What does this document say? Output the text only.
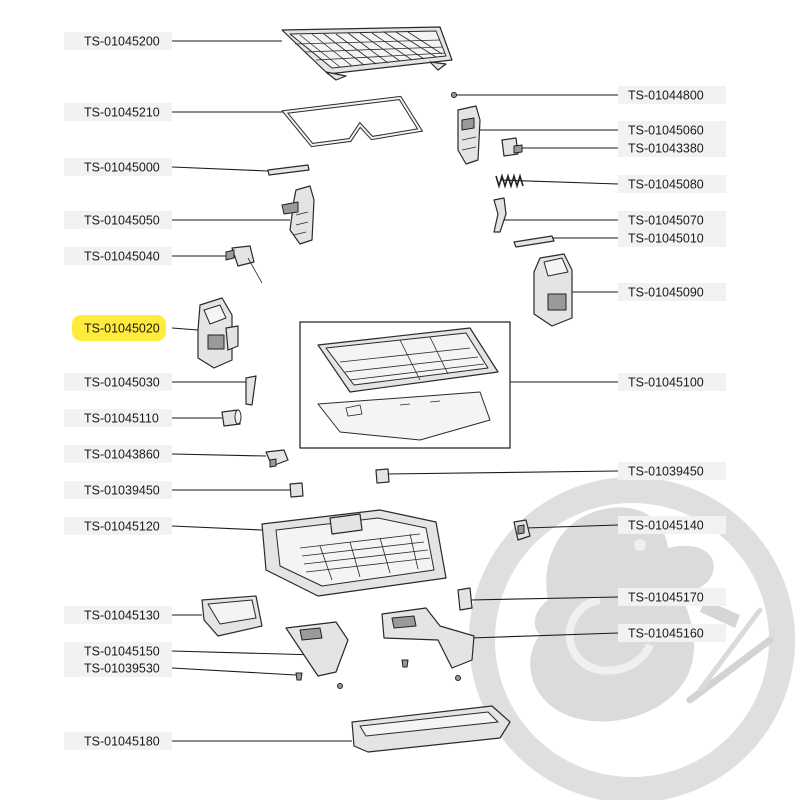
TS-01045200
TS-01045210
TS-01045000
TS-01045050
TS-01045040
TS-01045020
TS-01045030
TS-01045110
TS-01043860
TS-01039450
TS-01045120
TS-01045130
TS-01045150
TS-01039530
TS-01045180
TS-01044800
TS-01045060
TS-01043380
TS-01045080
TS-01045070
TS-01045010
TS-01045090
TS-01045100
TS-01039450
TS-01045140
TS-01045170
TS-01045160
